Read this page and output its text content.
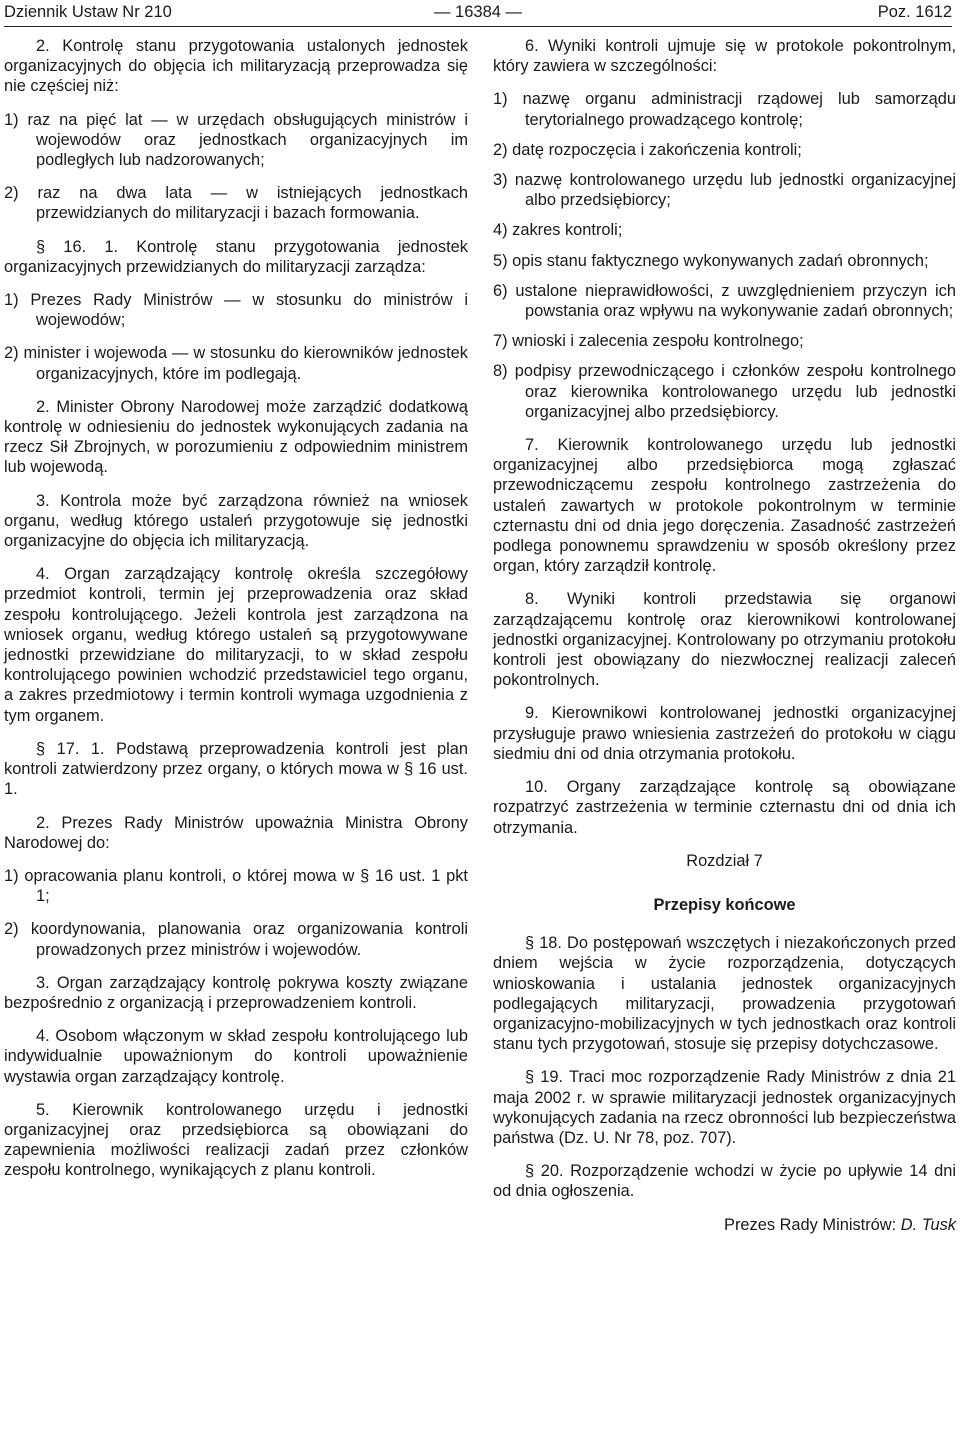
Dziennik Ustaw Nr 210	— 16384 —	Poz. 1612

2. Kontrolę stanu przygotowania ustalonych jednostek organizacyjnych do objęcia ich militaryzacją przeprowadza się nie częściej niż:

1) raz na pięć lat — w urzędach obsługujących ministrów i wojewodów oraz jednostkach organizacyjnych im podległych lub nadzorowanych;

2) raz na dwa lata — w istniejących jednostkach przewidzianych do militaryzacji i bazach formowania.

§ 16. 1. Kontrolę stanu przygotowania jednostek organizacyjnych przewidzianych do militaryzacji zarządza:

1) Prezes Rady Ministrów — w stosunku do ministrów i wojewodów;

2) minister i wojewoda — w stosunku do kierowników jednostek organizacyjnych, które im podlegają.

2. Minister Obrony Narodowej może zarządzić dodatkową kontrolę w odniesieniu do jednostek wykonujących zadania na rzecz Sił Zbrojnych, w porozumieniu z odpowiednim ministrem lub wojewodą.

3. Kontrola może być zarządzona również na wniosek organu, według którego ustaleń przygotowuje się jednostki organizacyjne do objęcia ich militaryzacją.

4. Organ zarządzający kontrolę określa szczegółowy przedmiot kontroli, termin jej przeprowadzenia oraz skład zespołu kontrolującego. Jeżeli kontrola jest zarządzona na wniosek organu, według którego ustaleń są przygotowywane jednostki przewidziane do militaryzacji, to w skład zespołu kontrolującego powinien wchodzić przedstawiciel tego organu, a zakres przedmiotowy i termin kontroli wymaga uzgodnienia z tym organem.

§ 17. 1. Podstawą przeprowadzenia kontroli jest plan kontroli zatwierdzony przez organy, o których mowa w § 16 ust. 1.

2. Prezes Rady Ministrów upoważnia Ministra Obrony Narodowej do:

1) opracowania planu kontroli, o której mowa w § 16 ust. 1 pkt 1;

2) koordynowania, planowania oraz organizowania kontroli prowadzonych przez ministrów i wojewodów.

3. Organ zarządzający kontrolę pokrywa koszty związane bezpośrednio z organizacją i przeprowadzeniem kontroli.

4. Osobom włączonym w skład zespołu kontrolującego lub indywidualnie upoważnionym do kontroli upoważnienie wystawia organ zarządzający kontrolę.

5. Kierownik kontrolowanego urzędu i jednostki organizacyjnej oraz przedsiębiorca są obowiązani do zapewnienia możliwości realizacji zadań przez członków zespołu kontrolnego, wynikających z planu kontroli.

6. Wyniki kontroli ujmuje się w protokole pokontrolnym, który zawiera w szczególności:

1) nazwę organu administracji rządowej lub samorządu terytorialnego prowadzącego kontrolę;

2) datę rozpoczęcia i zakończenia kontroli;

3) nazwę kontrolowanego urzędu lub jednostki organizacyjnej albo przedsiębiorcy;

4) zakres kontroli;

5) opis stanu faktycznego wykonywanych zadań obronnych;

6) ustalone nieprawidłowości, z uwzględnieniem przyczyn ich powstania oraz wpływu na wykonywanie zadań obronnych;

7) wnioski i zalecenia zespołu kontrolnego;

8) podpisy przewodniczącego i członków zespołu kontrolnego oraz kierownika kontrolowanego urzędu lub jednostki organizacyjnej albo przedsiębiorcy.

7. Kierownik kontrolowanego urzędu lub jednostki organizacyjnej albo przedsiębiorca mogą zgłaszać przewodniczącemu zespołu kontrolnego zastrzeżenia do ustaleń zawartych w protokole pokontrolnym w terminie czternastu dni od dnia jego doręczenia. Zasadność zastrzeżeń podlega ponownemu sprawdzeniu w sposób określony przez organ, który zarządził kontrolę.

8. Wyniki kontroli przedstawia się organowi zarządzającemu kontrolę oraz kierownikowi kontrolowanej jednostki organizacyjnej. Kontrolowany po otrzymaniu protokołu kontroli jest obowiązany do niezwłocznej realizacji zaleceń pokontrolnych.

9. Kierownikowi kontrolowanej jednostki organizacyjnej przysługuje prawo wniesienia zastrzeżeń do protokołu w ciągu siedmiu dni od dnia otrzymania protokołu.

10. Organy zarządzające kontrolę są obowiązane rozpatrzyć zastrzeżenia w terminie czternastu dni od dnia ich otrzymania.

Rozdział 7

Przepisy końcowe

§ 18. Do postępowań wszczętych i niezakończonych przed dniem wejścia w życie rozporządzenia, dotyczących wnioskowania i ustalania jednostek organizacyjnych podlegających militaryzacji, prowadzenia przygotowań organizacyjno-mobilizacyjnych w tych jednostkach oraz kontroli stanu tych przygotowań, stosuje się przepisy dotychczasowe.

§ 19. Traci moc rozporządzenie Rady Ministrów z dnia 21 maja 2002 r. w sprawie militaryzacji jednostek organizacyjnych wykonujących zadania na rzecz obronności lub bezpieczeństwa państwa (Dz. U. Nr 78, poz. 707).

§ 20. Rozporządzenie wchodzi w życie po upływie 14 dni od dnia ogłoszenia.

Prezes Rady Ministrów: D. Tusk
